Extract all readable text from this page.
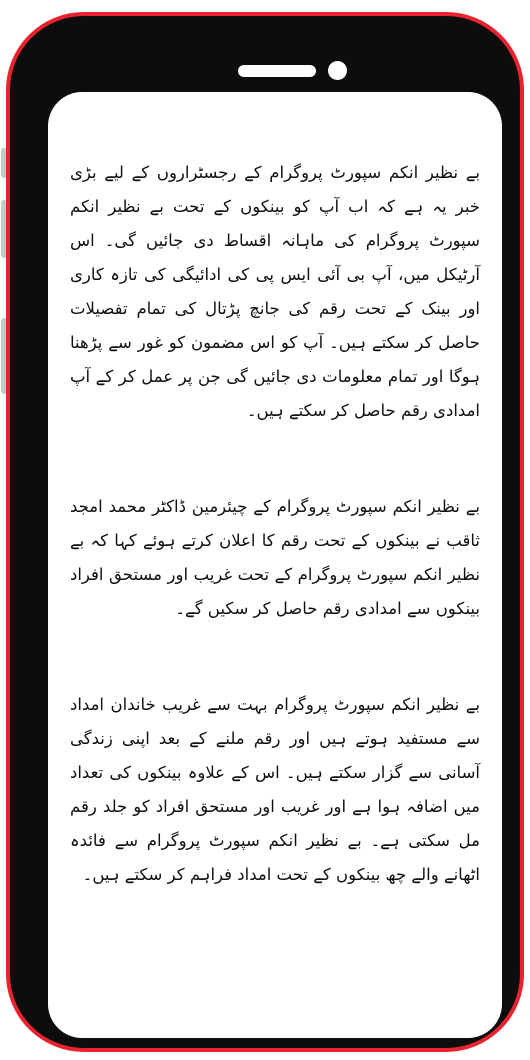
بے نظیر انکم سپورٹ پروگرام کے رجسٹراروں کے لیے بڑی خبر یہ ہے کہ اب آپ کو بینکوں کے تحت بے نظیر انکم سپورٹ پروگرام کی ماہانہ اقساط دی جائیں گی۔ اس آرٹیکل میں، آپ بی آئی ایس پی کی ادائیگی کی تازہ کاری اور بینک کے تحت رقم کی جانچ پڑتال کی تمام تفصیلات حاصل کر سکتے ہیں۔ آپ کو اس مضمون کو غور سے پڑھنا ہوگا اور تمام معلومات دی جائیں گی جن پر عمل کر کے آپ امدادی رقم حاصل کر سکتے ہیں۔

بے نظیر انکم سپورٹ پروگرام کے چیئرمین ڈاکٹر محمد امجد ثاقب نے بینکوں کے تحت رقم کا اعلان کرتے ہوئے کہا کہ بے نظیر انکم سپورٹ پروگرام کے تحت غریب اور مستحق افراد بینکوں سے امدادی رقم حاصل کر سکیں گے۔

بے نظیر انکم سپورٹ پروگرام بہت سے غریب خاندان امداد سے مستفید ہوتے ہیں اور رقم ملنے کے بعد اپنی زندگی آسانی سے گزار سکتے ہیں۔ اس کے علاوہ بینکوں کی تعداد میں اضافہ ہوا ہے اور غریب اور مستحق افراد کو جلد رقم مل سکتی ہے۔ بے نظیر انکم سپورٹ پروگرام سے فائدہ اٹھانے والے چھ بینکوں کے تحت امداد فراہم کر سکتے ہیں۔
